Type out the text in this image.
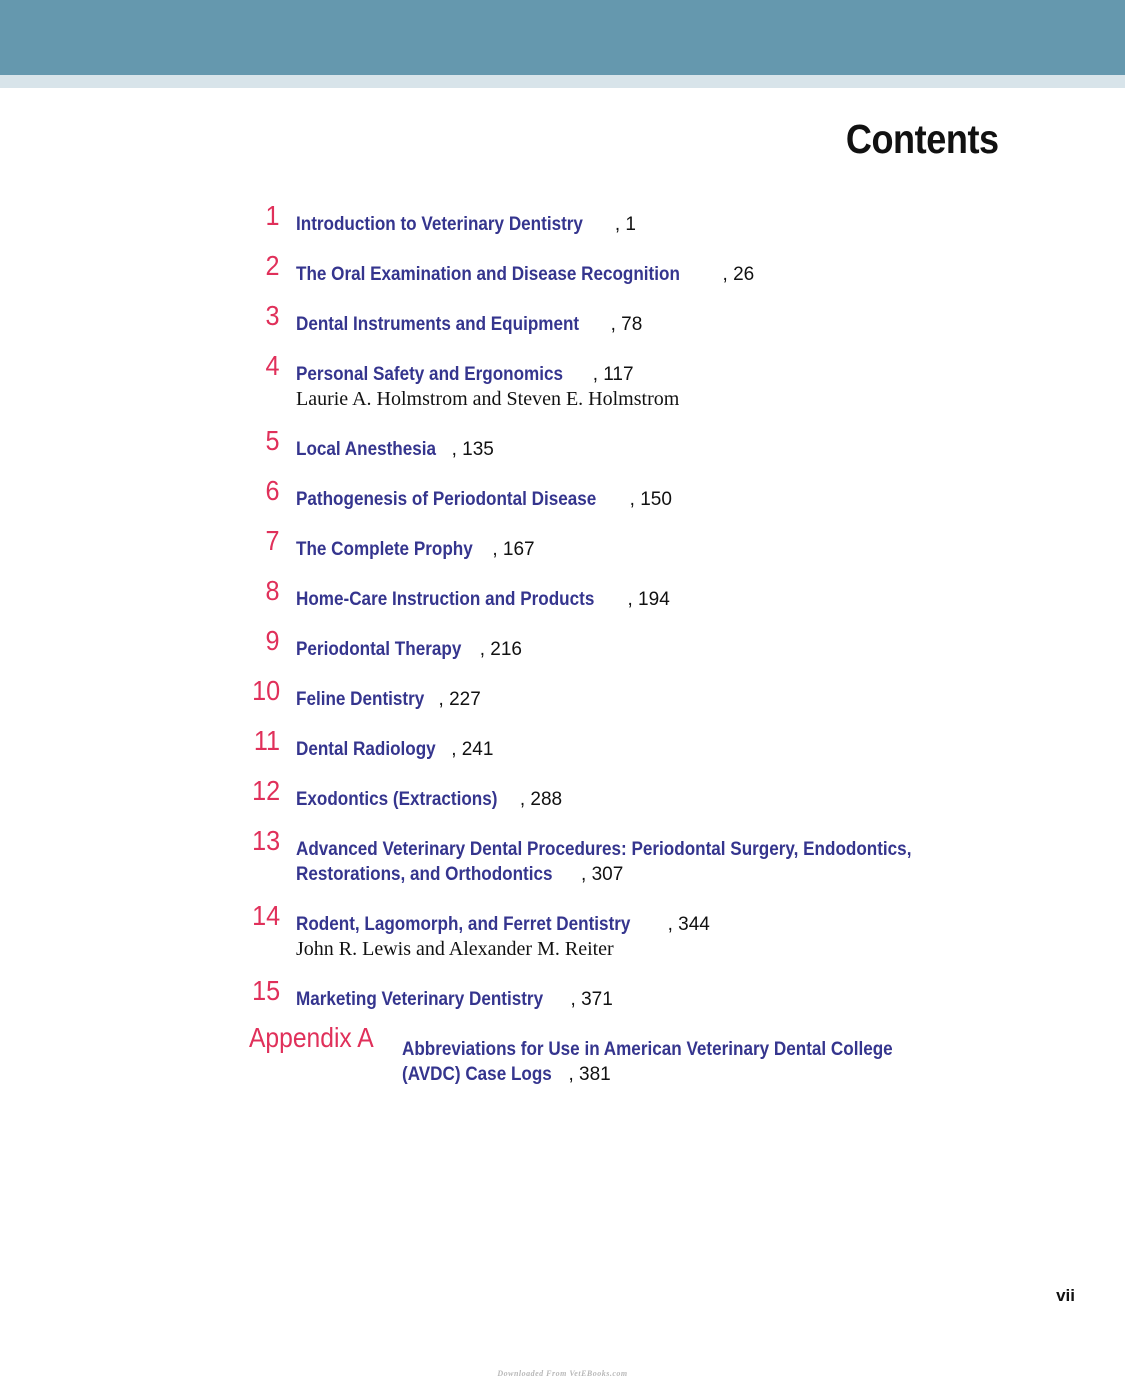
Contents
1 Introduction to Veterinary Dentistry , 1
2 The Oral Examination and Disease Recognition , 26
3 Dental Instruments and Equipment , 78
4 Personal Safety and Ergonomics , 117
Laurie A. Holmstrom and Steven E. Holmstrom
5 Local Anesthesia , 135
6 Pathogenesis of Periodontal Disease , 150
7 The Complete Prophy , 167
8 Home-Care Instruction and Products , 194
9 Periodontal Therapy , 216
10 Feline Dentistry , 227
11 Dental Radiology , 241
12 Exodontics (Extractions) , 288
13 Advanced Veterinary Dental Procedures: Periodontal Surgery, Endodontics,
Restorations, and Orthodontics , 307
14 Rodent, Lagomorph, and Ferret Dentistry , 344
John R. Lewis and Alexander M. Reiter
15 Marketing Veterinary Dentistry , 371
Appendix A Abbreviations for Use in American Veterinary Dental College
(AVDC) Case Logs , 381
vii
Downloaded From VetEBooks.com
